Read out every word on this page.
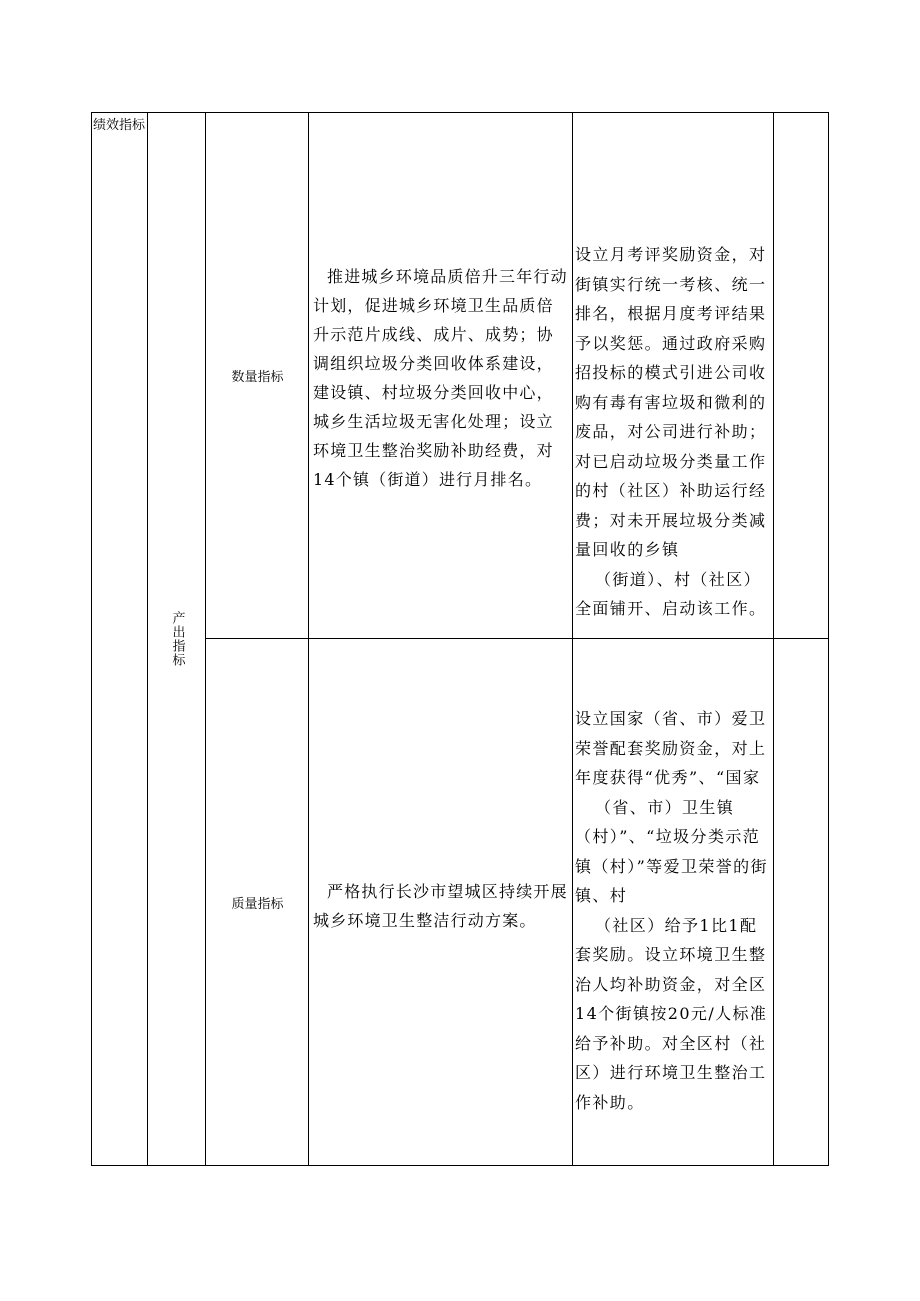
绩效指标
产出指标
数量指标

推进城乡环境品质倍升三年行动计划，促进城乡环境卫生品质倍升示范片成线、成片、成势；协调组织垃圾分类回收体系建设，建设镇、村垃圾分类回收中心，城乡生活垃圾无害化处理；设立环境卫生整治奖励补助经费，对14个镇（街道）进行月排名。

设立月考评奖励资金，对街镇实行统一考核、统一排名，根据月度考评结果予以奖惩。通过政府采购招投标的模式引进公司收购有毒有害垃圾和微利的废品，对公司进行补助；对已启动垃圾分类量工作的村（社区）补助运行经费；对未开展垃圾分类减量回收的乡镇

（街道）、村（社区）全面铺开、启动该工作。

质量指标

严格执行长沙市望城区持续开展城乡环境卫生整洁行动方案。

设立国家（省、市）爱卫荣誉配套奖励资金，对上年度获得“优秀”、“国家

（省、市）卫生镇（村）”、“垃圾分类示范镇（村）”等爱卫荣誉的街镇、村

（社区）给予1比1配套奖励。设立环境卫生整治人均补助资金，对全区14个街镇按20元/人标准给予补助。对全区村（社区）进行环境卫生整治工作补助。
